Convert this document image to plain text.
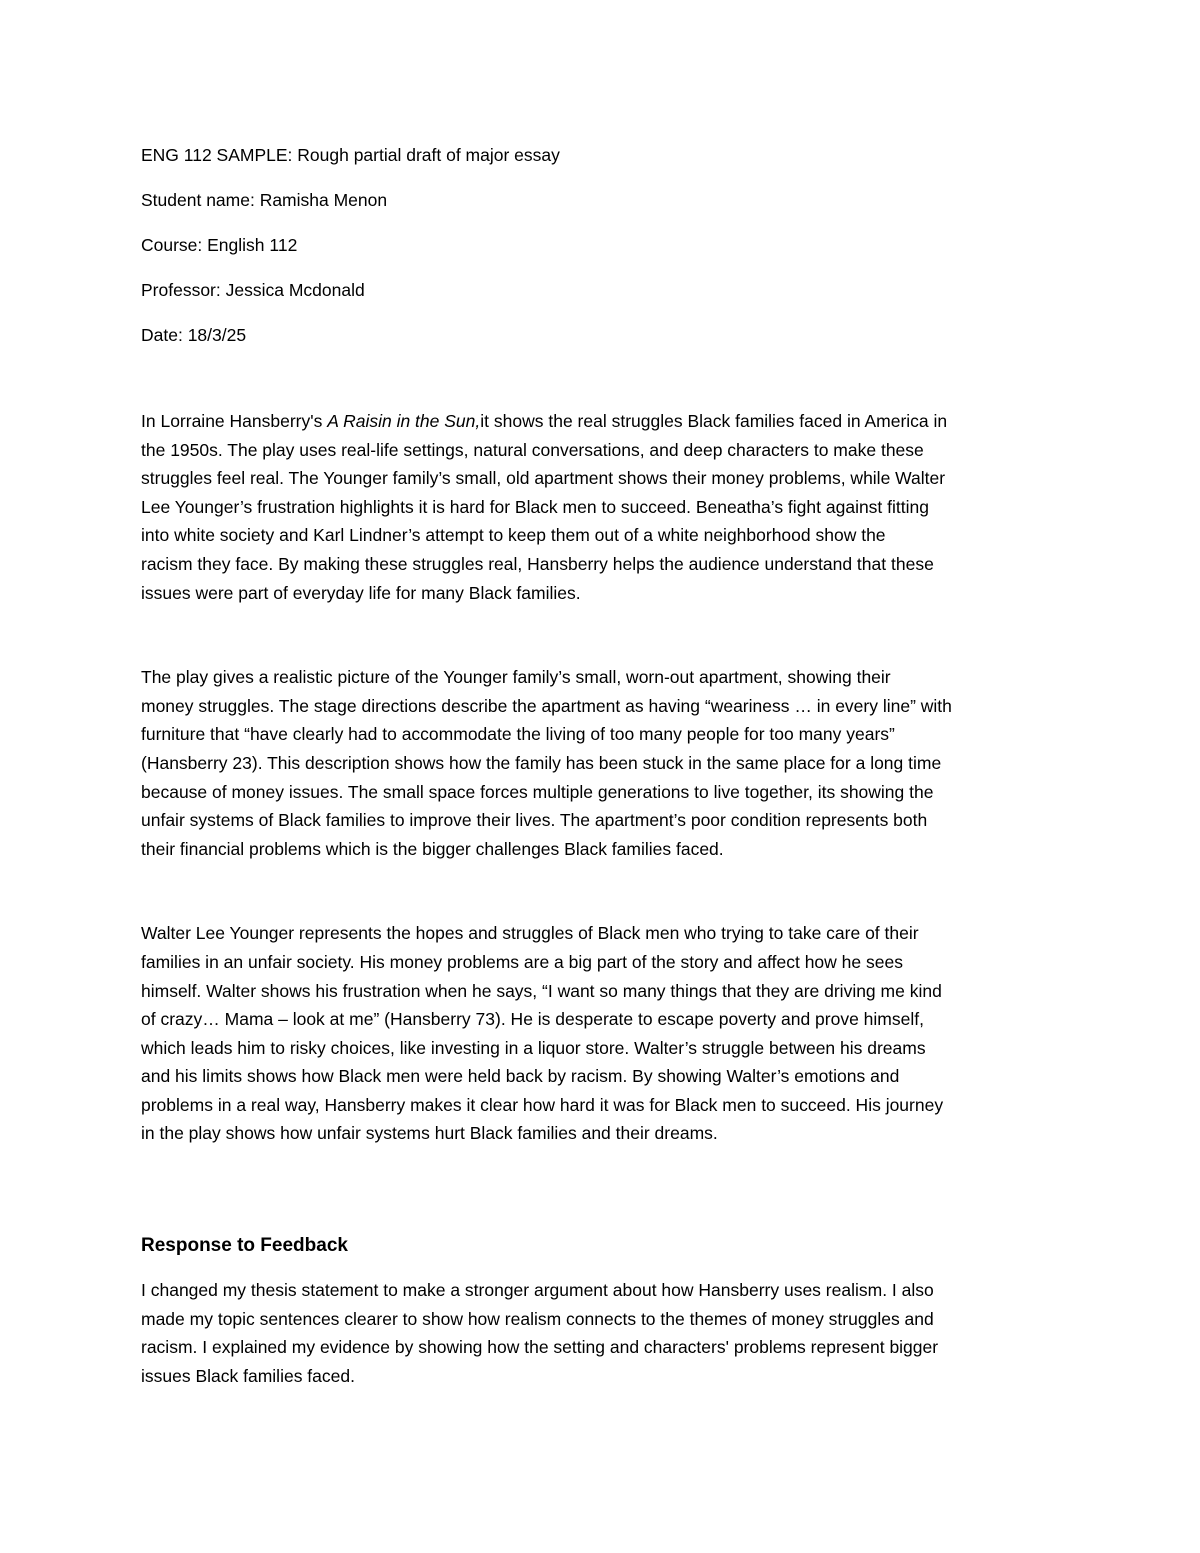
ENG 112 SAMPLE: Rough partial draft of major essay
Student name: Ramisha Menon
Course: English 112
Professor: Jessica Mcdonald
Date: 18/3/25
In Lorraine Hansberry's A Raisin in the Sun,it shows the real struggles Black families faced in America in
the 1950s. The play uses real-life settings, natural conversations, and deep characters to make these
struggles feel real. The Younger family’s small, old apartment shows their money problems, while Walter
Lee Younger’s frustration highlights it is hard for Black men to succeed. Beneatha’s fight against fitting
into white society and Karl Lindner’s attempt to keep them out of a white neighborhood show the
racism they face. By making these struggles real, Hansberry helps the audience understand that these
issues were part of everyday life for many Black families.
The play gives a realistic picture of the Younger family’s small, worn-out apartment, showing their
money struggles. The stage directions describe the apartment as having “weariness … in every line” with
furniture that “have clearly had to accommodate the living of too many people for too many years”
(Hansberry 23). This description shows how the family has been stuck in the same place for a long time
because of money issues. The small space forces multiple generations to live together, its showing the
unfair systems of Black families to improve their lives. The apartment’s poor condition represents both
their financial problems which is the bigger challenges Black families faced.
Walter Lee Younger represents the hopes and struggles of Black men who trying to take care of their
families in an unfair society. His money problems are a big part of the story and affect how he sees
himself. Walter shows his frustration when he says, “I want so many things that they are driving me kind
of crazy… Mama – look at me” (Hansberry 73). He is desperate to escape poverty and prove himself,
which leads him to risky choices, like investing in a liquor store. Walter’s struggle between his dreams
and his limits shows how Black men were held back by racism. By showing Walter’s emotions and
problems in a real way, Hansberry makes it clear how hard it was for Black men to succeed. His journey
in the play shows how unfair systems hurt Black families and their dreams.
Response to Feedback
I changed my thesis statement to make a stronger argument about how Hansberry uses realism. I also
made my topic sentences clearer to show how realism connects to the themes of money struggles and
racism. I explained my evidence by showing how the setting and characters' problems represent bigger
issues Black families faced.
